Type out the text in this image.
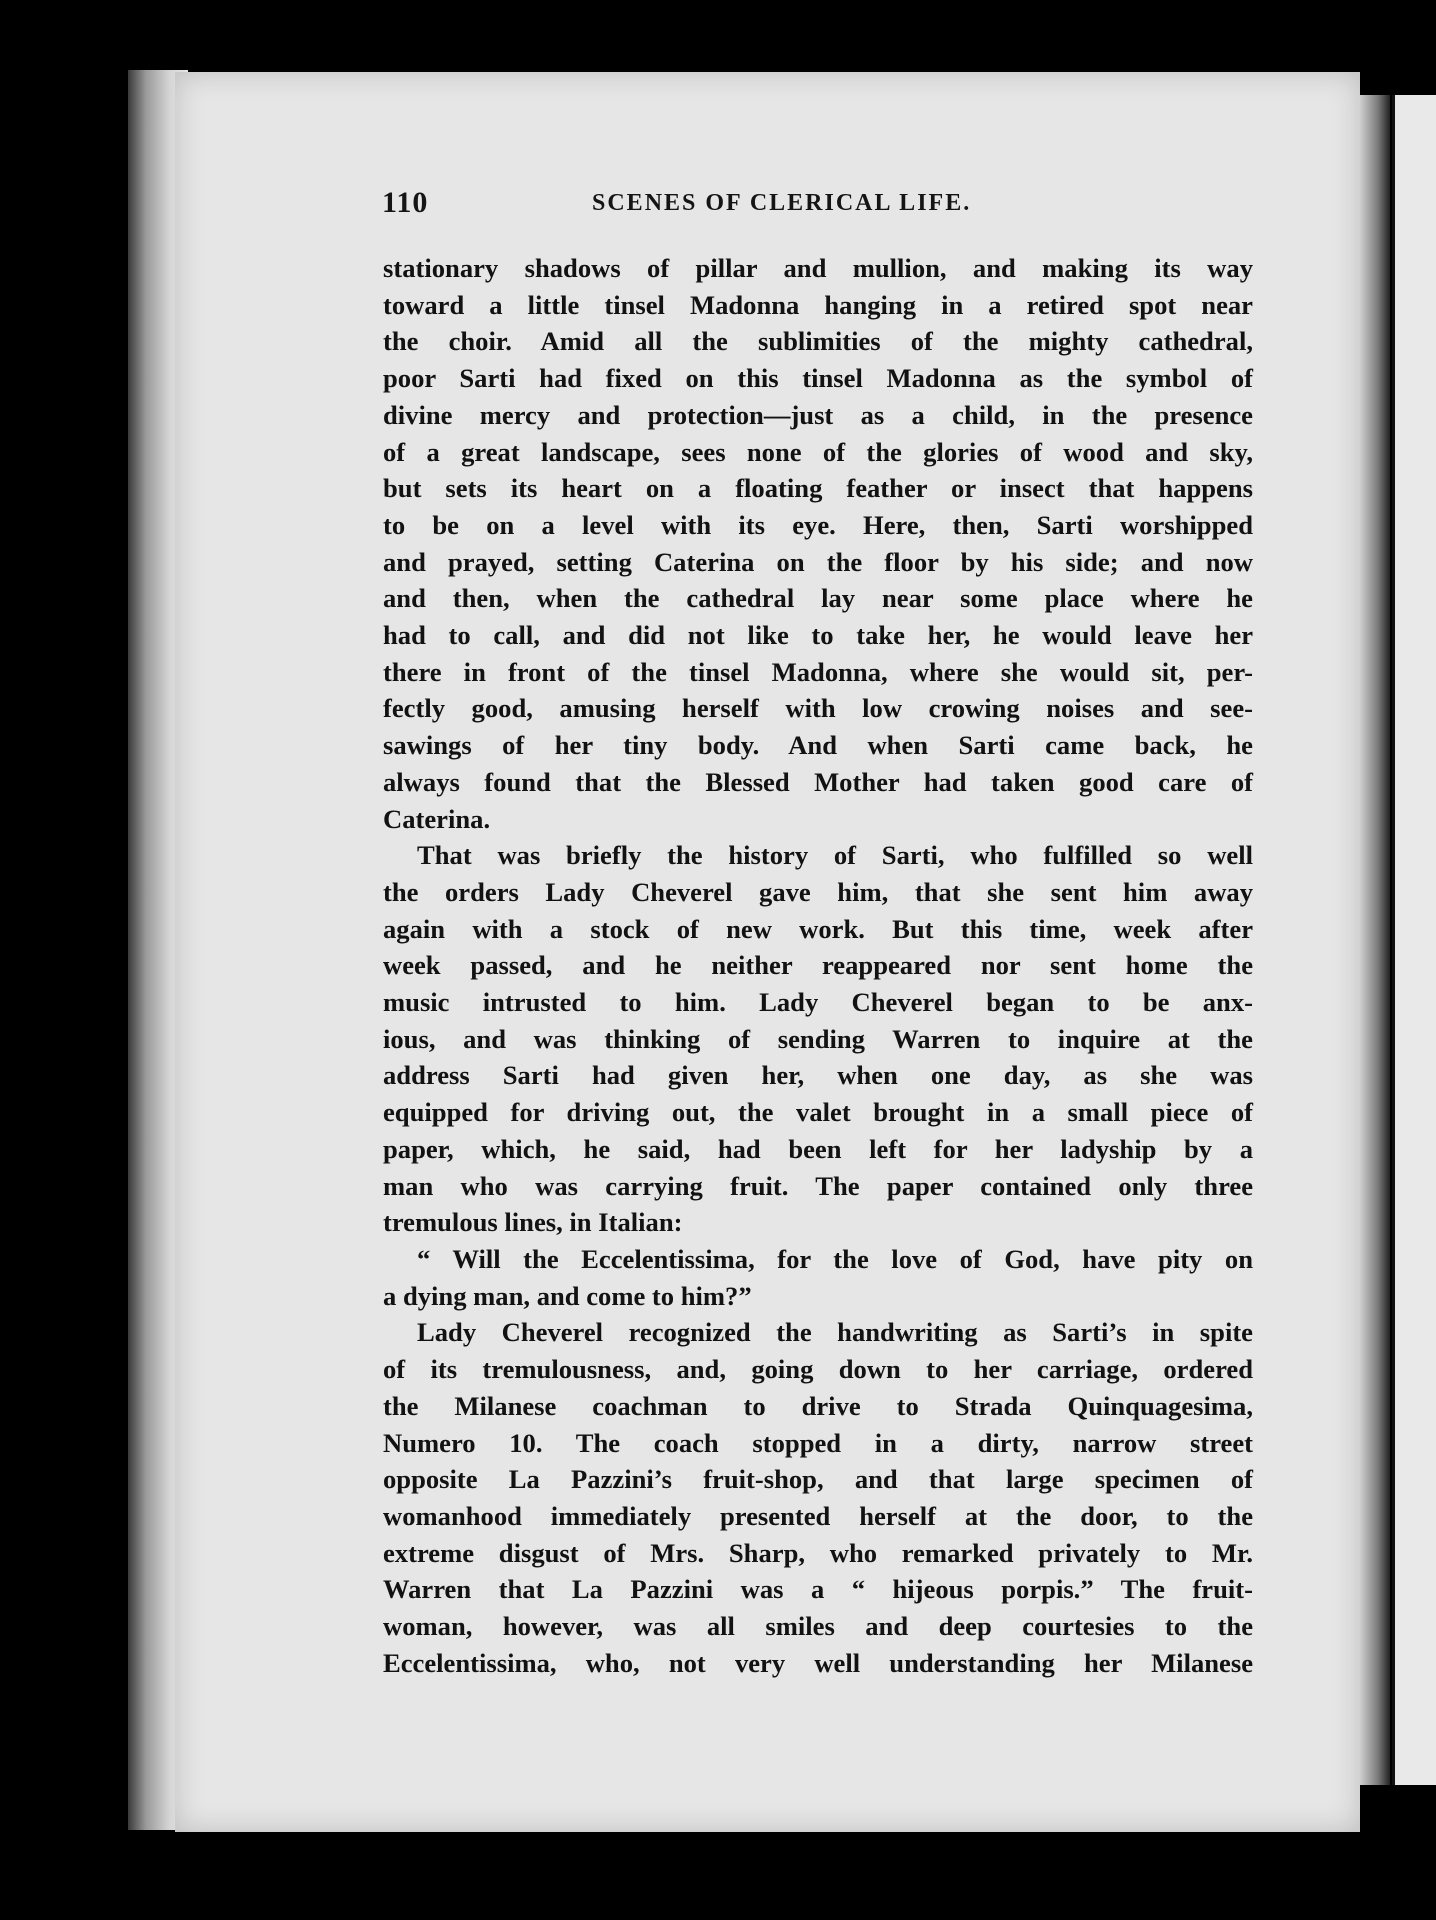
110	SCENES OF CLERICAL LIFE.
stationary shadows of pillar and mullion, and making its way
toward a little tinsel Madonna hanging in a retired spot near
the choir. Amid all the sublimities of the mighty cathedral,
poor Sarti had fixed on this tinsel Madonna as the symbol of
divine mercy and protection—just as a child, in the presence
of a great landscape, sees none of the glories of wood and sky,
but sets its heart on a floating feather or insect that happens
to be on a level with its eye. Here, then, Sarti worshipped
and prayed, setting Caterina on the floor by his side; and now
and then, when the cathedral lay near some place where he
had to call, and did not like to take her, he would leave her
there in front of the tinsel Madonna, where she would sit, per-
fectly good, amusing herself with low crowing noises and see-
sawings of her tiny body. And when Sarti came back, he
always found that the Blessed Mother had taken good care of
Caterina.
That was briefly the history of Sarti, who fulfilled so well
the orders Lady Cheverel gave him, that she sent him away
again with a stock of new work. But this time, week after
week passed, and he neither reappeared nor sent home the
music intrusted to him. Lady Cheverel began to be anx-
ious, and was thinking of sending Warren to inquire at the
address Sarti had given her, when one day, as she was
equipped for driving out, the valet brought in a small piece of
paper, which, he said, had been left for her ladyship by a
man who was carrying fruit. The paper contained only three
tremulous lines, in Italian:
“ Will the Eccelentissima, for the love of God, have pity on
a dying man, and come to him?”
Lady Cheverel recognized the handwriting as Sarti’s in spite
of its tremulousness, and, going down to her carriage, ordered
the Milanese coachman to drive to Strada Quinquagesima,
Numero 10. The coach stopped in a dirty, narrow street
opposite La Pazzini’s fruit-shop, and that large specimen of
womanhood immediately presented herself at the door, to the
extreme disgust of Mrs. Sharp, who remarked privately to Mr.
Warren that La Pazzini was a “ hijeous porpis.” The fruit-
woman, however, was all smiles and deep courtesies to the
Eccelentissima, who, not very well understanding her Milanese
